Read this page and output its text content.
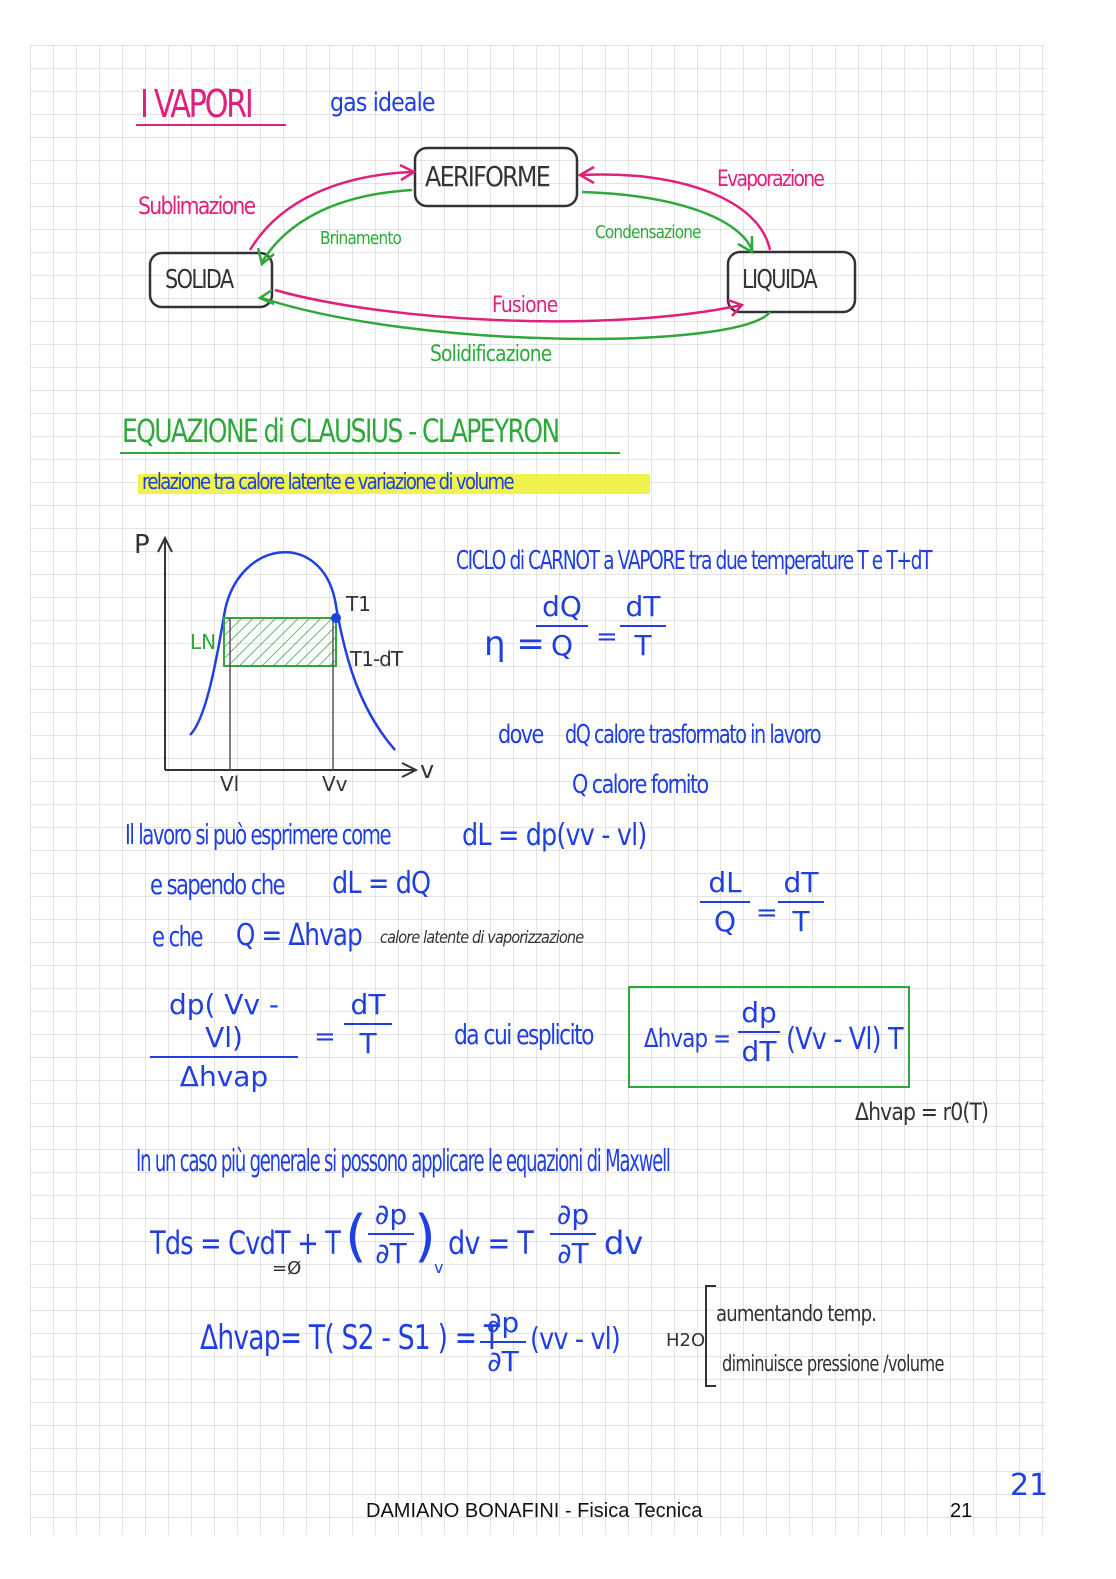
I VAPORI	gas ideale
AERIFORME
SOLIDA	LIQUIDA
Sublimazione
Evaporazione
Brinamento	Condensazione
Fusione
Solidificazione
EQUAZIONE di CLAUSIUS - CLAPEYRON
relazione tra calore latente e variazione di volume
P
v
LN
T1
T1-dT
Vl	Vv
CICLO di CARNOT a VAPORE tra due temperature T e T+dT
η =
dQ
Q =
dT
T
dove dQ calore trasformato in lavoro
Q calore fornito
Il lavoro si può esprimere come dL = dp(vv - vl)
e sapendo che dL = dQ
e che Q = Δhvap calore latente di vaporizzazione
dL
Q =
dT
T
dp( Vv - Vl)
Δhvap
=
dT
T	da cui esplicito Δhvap =
dp
dT (Vv - Vl) T
Δhvap = r0(T)
In un caso più generale si possono applicare le equazioni di Maxwell
Tds = CvdT + T ( ∂p
∂T )
v
dv = T
∂p
∂T dv
=Ø
Δhvap= T( S2 - S1 ) = T
∂p
∂T
(vv - vl)	H2O
aumentando temp.
diminuisce pressione /volume
21
DAMIANO BONAFINI - Fisica Tecnica	21
